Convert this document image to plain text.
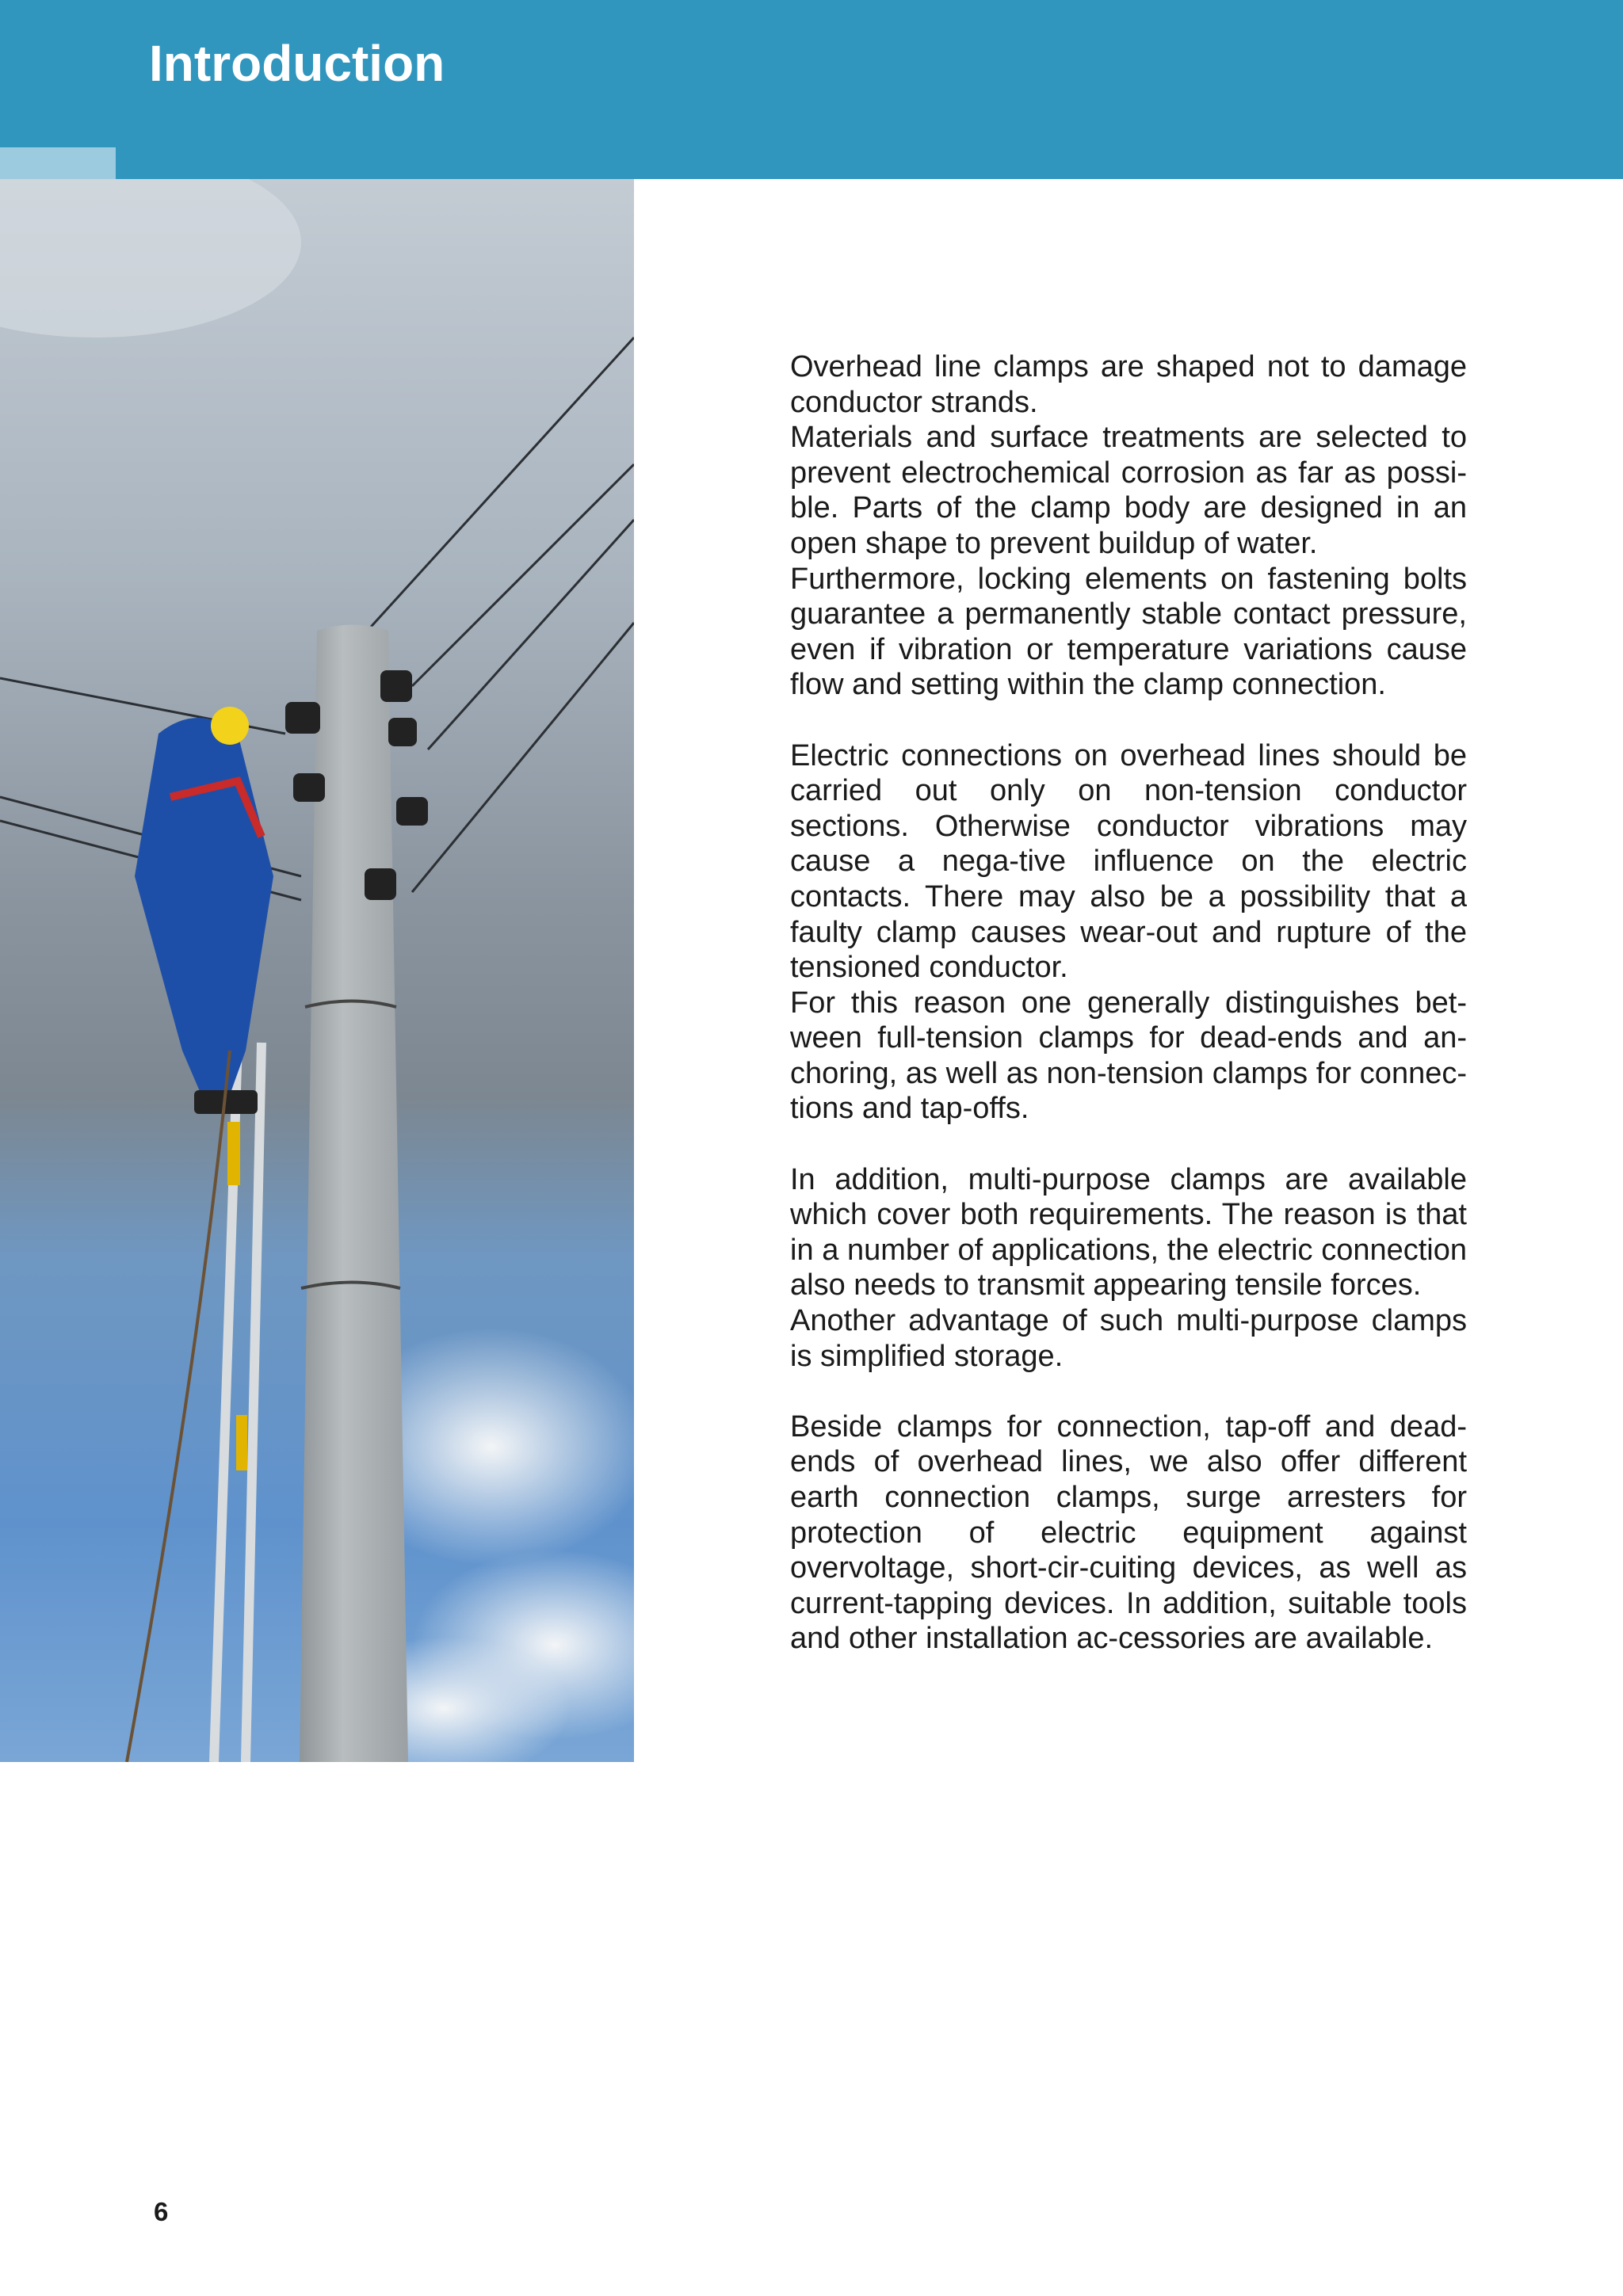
Introduction

Overhead line clamps are shaped not to damage conductor strands.
Materials and surface treatments are selected to prevent electrochemical corrosion as far as possi-ble. Parts of the clamp body are designed in an open shape to prevent buildup of water.
Furthermore, locking elements on fastening bolts guarantee a permanently stable contact pressure, even if vibration or temperature variations cause flow and setting within the clamp connection.

Electric connections on overhead lines should be carried out only on non-tension conductor sections. Otherwise conductor vibrations may cause a nega-tive influence on the electric contacts. There may also be a possibility that a faulty clamp causes wear-out and rupture of the tensioned conductor.
For this reason one generally distinguishes bet-ween full-tension clamps for dead-ends and an-choring, as well as non-tension clamps for connec-tions and tap-offs.

In addition, multi-purpose clamps are available which cover both requirements. The reason is that in a number of applications, the electric connection also needs to transmit appearing tensile forces.
Another advantage of such multi-purpose clamps is simplified storage.

Beside clamps for connection, tap-off and dead-ends of overhead lines, we also offer different earth connection clamps, surge arresters for protection of electric equipment against overvoltage, short-cir-cuiting devices, as well as current-tapping devices. In addition, suitable tools and other installation ac-cessories are available.

6
